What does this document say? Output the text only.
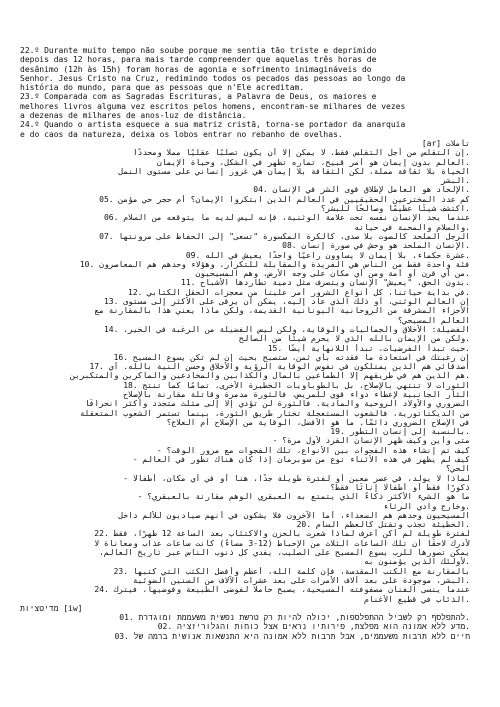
22.º Durante muito tempo não soube porque me sentia tão triste e deprimido
depois das 12 horas, para mais tarde compreender que aquelas três horas de
desânimo (12h às 15h) foram horas de agonia e sofrimento inimagináveis do
Senhor. Jesus Cristo na Cruz, redimindo todos os pecados das pessoas ao longo da
história do mundo, para que as pessoas que n'Ele acreditam.
23.º Comparada com as Sagradas Escrituras, a Palavra de Deus, os maiores e
melhores livros alguma vez escritos pelos homens, encontram-se milhares de vezes
a dezenas de milhares de anos-luz de distância.
24.º Quando o artista esquece a sua matriz cristã, torna-se portador da anarquia
e do caos da natureza, deixa os lobos entrar no rebanho de ovelhas.
تأملات [ar]
.إن التقلس من أجل التقلس فقط، لا يمكن إلا أن يكون تصلبًا عقليًا مملًا ومحددًا
.العالم بدون إيمان هو أمر قبيح، تماره تظهر في الشكل، وحياة الإيمان
الحياة بلا ثقافة مملة، لكن الثقافة بلا إيمان هي غرور إنساني على مستوى النمل
.البشر
.الإلحاد هو العامل لإطلاق قوى الشر في الإنسان .04
كم عدد المخترعين الحقيقيين في العالم الذين ابتكروا الإيمان؟ أم حجر حي مؤمن .05
.اكتشف شيئًا عظيمًا وصالحًا للبشر؟
عندما يجد الإنسان نفسه تحت علامة الوثنية، فإنه ليس لديه ما يتوقعه من السلام .06
.والسلام والمحبة في حياته
الرجل الملحد كالصوت بلا صدى، كالكرة المكسورة "تسعى" إلى الحفاظ على مرونتها .07
.الإنسان الملحد هو وحش في صورة إنسان .08
.عشرة حكماء، بلا إيمان لا يساوون راعيًا واحدًا يعيش في الله .09
فئة واحدة فقط من الناس هي الفريدة والمقابلة للتكرار، وهؤلاء وحدهم هم المعاصرون .10
.من أي قرن أو أمة ومن أي مكان على وجه الأرض، وهم المسيحيون
.بدون الحق، "يعيش" الإنسان ويتصرف مثل دمية تطاردها الأشباح .11
.في بداية حياتنا، كل أنواع الشرور أمر علينا من معجزات الحقل الكتابي .12
إن العالم الوثني، أو ذلك الذي عاد إليه، يمكن أن يرقى على الأكثر إلى مستوى .13
الأجزاء المشرقة من الروحانية اليونانية القديمة، ولكن ماذا يعني هذا بالمقارنة مع
العالم المسيحي؟
الفضيلة: الأخلاق والجماليات والوقاية، ولكن ليس الفضيلة من الرغبة في الخير، .14
.ولكن من الإيمان بالله الذي لا يحرم شيئًا من الصالح
.حيث تبدأ الفرضيات، تبدأ اللانهاية أيضًا .15
إن رغبتك في استعادة ما فقدته بأي ثمن، ستصبح بحيث إن لم تكن يسوع المسيح .16
أصدقائي هم الذين يمتلكون في نفوس الوقاية الرؤية والأخلاق وحسن النية بالله. أي .17
.هم الذين هم في طريقهم إلا الطماعين بالمال والكذابين والمخادعين والماكرين والمتكبرين
الثورات لا تنتهي بالإصلاح، بل بالطوباويات الخطيرة الأخرى، تمامًا كما تنتج .18
الثأر الجانبية لإعطاء دواء قوي للمريض، فالثورة مدمرة وقاتلة مقارنة بالإصلاح
الضروري والأولاد الروحية والمادية. فالثورة لن تؤدي إلا إلى مثلث متجدد وأكثر انحرافًا
من الديكتاتورية، فالشعوب المستعجلة تختار طريق الثورة، بينما تستمر الشعوب المتعقلة
في الإصلاح الضروري دائمًا. ما هو الأفضل، الوقاية من الإصلاح أم العلاج؟
.بالنسبة إلى إنسان التطور .19
متى وأين وكيف ظهر الإنسان القرد لأول مرة؟ -
كيف تم إنشاء هذه الفجوات بين الأنواع، تلك الفجوات مع مرور الوقت؟ -
كيف لم يظهر في هذه الأثناء نوع من سوبرمان إذا كان هناك تطور في العالم -
الحي؟
لماذا لا يولد، في عصر معين أو لفترة طويلة جدًا، هنا أو في أي مكان، أطفالًا -
ذكورًا فقط أو أطفالًا إناثًا فقط؟
ما هو الشيء الأكثر ذكاءً الذي يتمتع به العبقري الوهم مقارنة بالعبقري؟ -
.وخارج وادي الرثاء
المسيحيون وحدهم هم السعداء، أما الآخرون فلا يشكون في أنهم صياديون للألم داخل
.الخطيئة تجذب وتقتل كالعظم السام .20
لفترة طويلة لم أكن أعرف لماذا شعرت بالحزن والاكتئاب بعد الساعة 12 ظهرًا، فقط .22
لأدرك لاحقًا أن تلك الساعات الثلاث من الإحباط (12-3 مساءً) كانت ساعات عذاب ومعاناة لا
يمكن تصورها للرب يسوع المسيح على الصليب، يفدي كل ذنوب الناس عبر تاريخ العالم،
.لأولئك الذين يؤمنون به
بالمقارنة مع الكتب المقدسة، فإن كلمة الله، أعظم وأفضل الكتب التي كتبها .23
.البشر، موجودة على بعد ألاف الأمرات على بعد عشرات الآلاف من السنين الضوئية
عندما ينسى الفنان مصفوفته المسيحية، يصبح حاملًا لفوضى الطبيعة وفوضيها، فيترك .24
.الذئاب في قطيع الأغنام
מדיטציות [iw]
.להתפלסף רק לשביל ההתפלספות, יכולה להיות רק טרשת נפשית משעממת ומוגדרת .01
.מדע ללא אמונה הוא מפלצת, פירותיו נראים אצל כוחות והגלוריזציה .02
חיים ללא תרבות משעממים, אבל תרבות ללא אמונה היא התנשאות אנושית ברמה של .03
